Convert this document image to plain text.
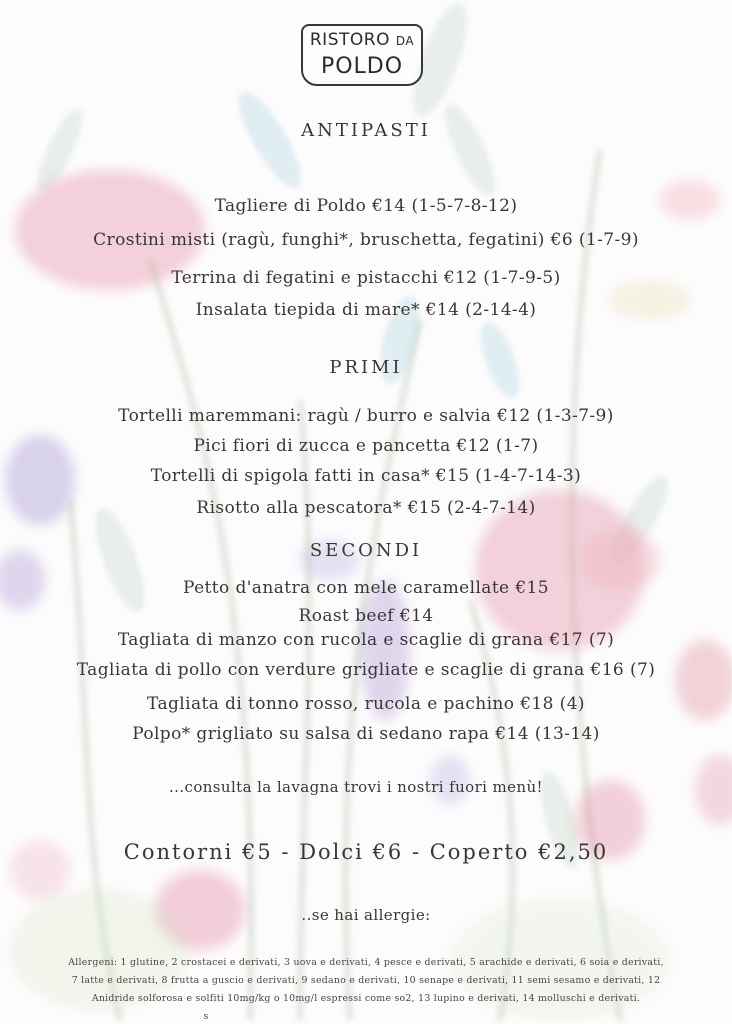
RISTORO DA
POLDO
ANTIPASTI
Tagliere di Poldo €14 (1-5-7-8-12)
Crostini misti (ragù, funghi*, bruschetta, fegatini) €6 (1-7-9)
Terrina di fegatini e pistacchi €12 (1-7-9-5)
Insalata tiepida di mare* €14 (2-14-4)
PRIMI
Tortelli maremmani: ragù / burro e salvia €12 (1-3-7-9)
Pici fiori di zucca e pancetta €12 (1-7)
Tortelli di spigola fatti in casa* €15 (1-4-7-14-3)
Risotto alla pescatora* €15 (2-4-7-14)
SECONDI
Petto d'anatra con mele caramellate €15
Roast beef €14
Tagliata di manzo con rucola e scaglie di grana €17 (7)
Tagliata di pollo con verdure grigliate e scaglie di grana €16 (7)
Tagliata di tonno rosso, rucola e pachino €18 (4)
Polpo* grigliato su salsa di sedano rapa €14 (13-14)
...consulta la lavagna trovi i nostri fuori menù!
Contorni €5 - Dolci €6 - Coperto €2,50
..se hai allergie:
Allergeni: 1 glutine, 2 crostacei e derivati, 3 uova e derivati, 4 pesce e derivati, 5 arachide e derivati, 6 soia e derivati,
7 latte e derivati, 8 frutta a guscio e derivati, 9 sedano e derivati, 10 senape e derivati, 11 semi sesamo e derivati, 12
Anidride solforosa e solfiti 10mg/kg o 10mg/l espressi come so2, 13 lupino e derivati, 14 molluschi e derivati.
s
